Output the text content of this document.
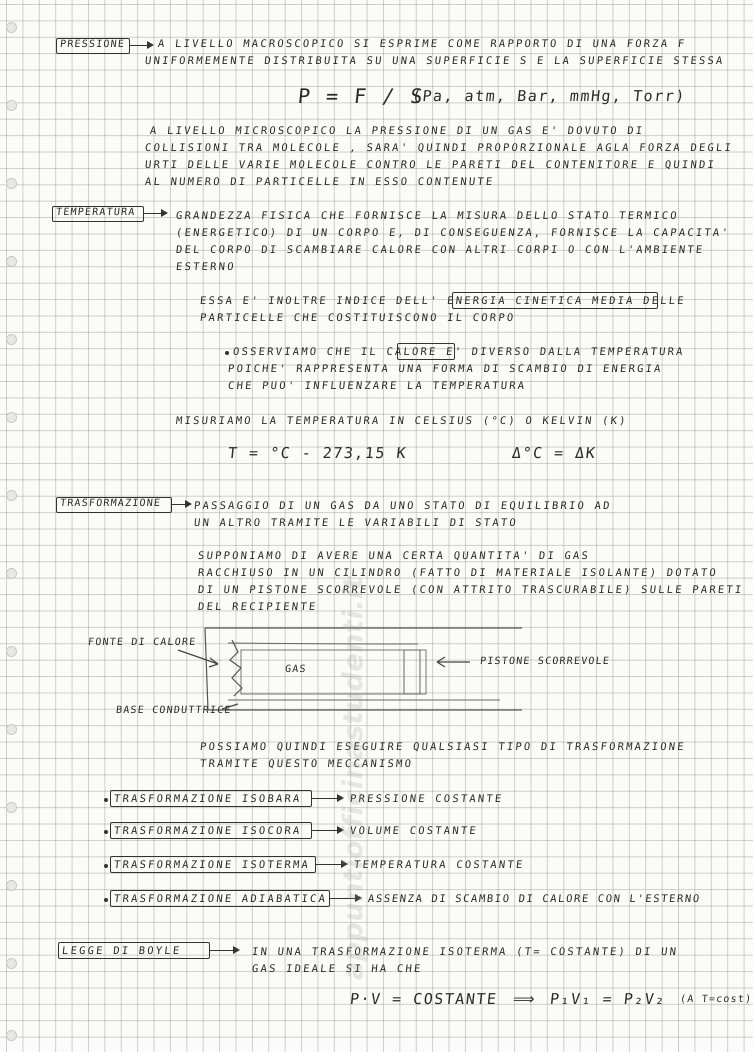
PRESSIONE	A LIVELLO MACROSCOPICO SI ESPRIME COME RAPPORTO DI UNA FORZA F
UNIFORMEMENTE DISTRIBUITA SU UNA SUPERFICIE S E LA SUPERFICIE STESSA
P = F / S
(Pa, atm, Bar, mmHg, Torr)
A LIVELLO MICROSCOPICO LA PRESSIONE DI UN GAS E' DOVUTO DI
COLLISIONI TRA MOLECOLE , SARA' QUINDI PROPORZIONALE AGLA FORZA DEGLI
URTI DELLE VARIE MOLECOLE CONTRO LE PARETI DEL CONTENITORE E QUINDI
AL NUMERO DI PARTICELLE IN ESSO CONTENUTE
TEMPERATURA	GRANDEZZA FISICA CHE FORNISCE LA MISURA DELLO STATO TERMICO
(ENERGETICO) DI UN CORPO E, DI CONSEGUENZA, FORNISCE LA CAPACITA'
DEL CORPO DI SCAMBIARE CALORE CON ALTRI CORPI O CON L'AMBIENTE
ESTERNO
ESSA E' INOLTRE INDICE DELL' ENERGIA CINETICA MEDIA DELLE
PARTICELLE CHE COSTITUISCONO IL CORPO
OSSERVIAMO CHE IL CALORE E' DIVERSO DALLA TEMPERATURA
POICHE' RAPPRESENTA UNA FORMA DI SCAMBIO DI ENERGIA
CHE PUO' INFLUENZARE LA TEMPERATURA
MISURIAMO LA TEMPERATURA IN CELSIUS (°C) O KELVIN (K)
T = °C - 273,15 K	Δ°C = ΔK
TRASFORMAZIONE	PASSAGGIO DI UN GAS DA UNO STATO DI EQUILIBRIO AD
UN ALTRO TRAMITE LE VARIABILI DI STATO
SUPPONIAMO DI AVERE UNA CERTA QUANTITA' DI GAS
RACCHIUSO IN UN CILINDRO (FATTO DI MATERIALE ISOLANTE) DOTATO
DI UN PISTONE SCORREVOLE (CON ATTRITO TRASCURABILE) SULLE PARETI
DEL RECIPIENTE
FONTE DI CALORE
GAS
PISTONE SCORREVOLE
BASE CONDUTTRICE
POSSIAMO QUINDI ESEGUIRE QUALSIASI TIPO DI TRASFORMAZIONE
TRAMITE QUESTO MECCANISMO
TRASFORMAZIONE ISOBARA	PRESSIONE COSTANTE
TRASFORMAZIONE ISOCORA	VOLUME COSTANTE
TRASFORMAZIONE ISOTERMA	TEMPERATURA COSTANTE
TRASFORMAZIONE ADIABATICA	ASSENZA DI SCAMBIO DI CALORE CON L'ESTERNO
LEGGE DI BOYLE	IN UNA TRASFORMAZIONE ISOTERMA (T= COSTANTE) DI UN
GAS IDEALE SI HA CHE
P·V = COSTANTE ⟹ P₁V₁ = P₂V₂ (A T=cost)
appuntiofficinastudenti.it
